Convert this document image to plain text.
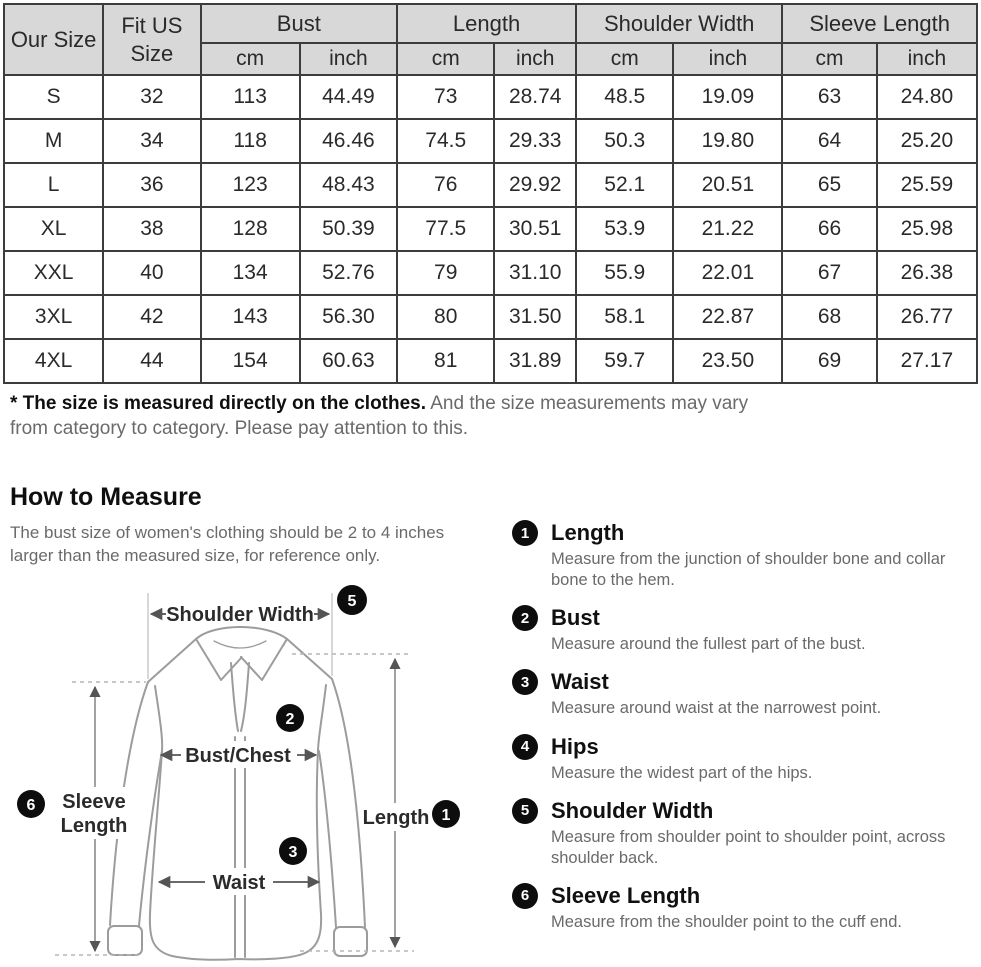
Our Size	Fit US Size	Bust		Length		Shoulder Width		Sleeve Length	
		cm	inch	cm	inch	cm	inch	cm	inch
S	32	113	44.49	73	28.74	48.5	19.09	63	24.80
M	34	118	46.46	74.5	29.33	50.3	19.80	64	25.20
L	36	123	48.43	76	29.92	52.1	20.51	65	25.59
XL	38	128	50.39	77.5	30.51	53.9	21.22	66	25.98
XXL	40	134	52.76	79	31.10	55.9	22.01	67	26.38
3XL	42	143	56.30	80	31.50	58.1	22.87	68	26.77
4XL	44	154	60.63	81	31.89	59.7	23.50	69	27.17

* The size is measured directly on the clothes. And the size measurements may vary from category to category. Please pay attention to this.

How to Measure

The bust size of women's clothing should be 2 to 4 inches larger than the measured size, for reference only.

Shoulder Width
Bust/Chest
Waist
Sleeve
Length	Length
5
2
3
6
1
1 Length

Measure from the junction of shoulder bone and collar bone to the hem.

2 Bust

Measure around the fullest part of the bust.

3 Waist

Measure around waist at the narrowest point.

4 Hips

Measure the widest part of the hips.

5 Shoulder Width

Measure from shoulder point to shoulder point, across shoulder back.

6 Sleeve Length

Measure from the shoulder point to the cuff end.
